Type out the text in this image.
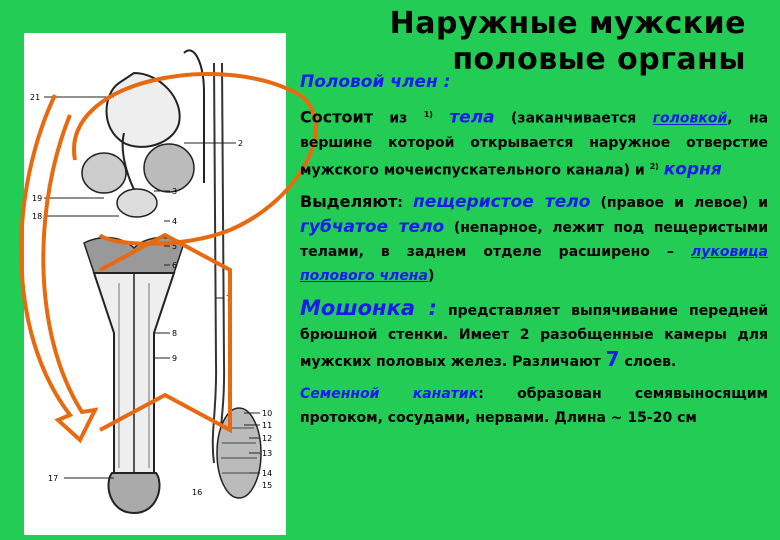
21
2
19
3
18
4
5
6
7
8
9
10
11
12
13
14
15
16
17
Наружные мужские
половые органы

Половой член :

Состоит из $^{1)}$ тела (заканчивается головкой, на вершине которой открывается наружное отверстие мужского мочеиспускательного канала) и $^{2)}$ корня

Выделяют: пещеристое тело (правое и левое) и губчатое тело (непарное, лежит под пещеристыми телами, в заднем отделе расширено – луковица полового члена)

Мошонка : представляет выпячивание передней брюшной стенки. Имеет 2 разобщенные камеры для мужских половых желез. Различают 7 слоев.

Семенной канатик: образован семявыносящим протоком, сосудами, нервами. Длина ~ 15-20 см
